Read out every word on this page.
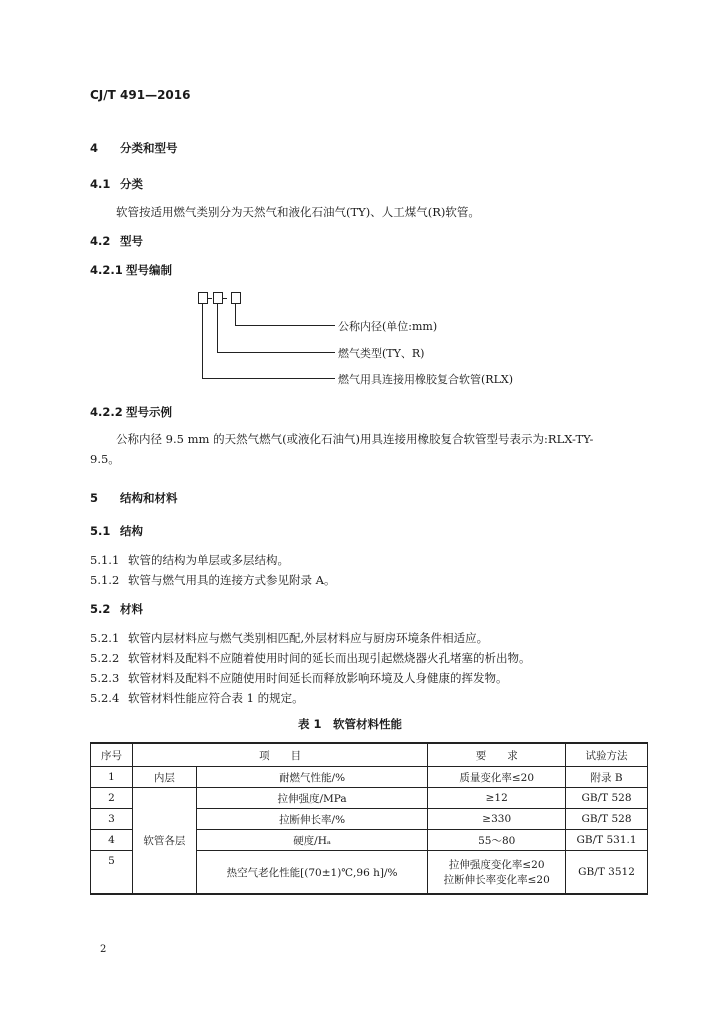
CJ/T 491—2016
4 分类和型号
4.1 分类
软管按适用燃气类别分为天然气和液化石油气(TY)、人工煤气(R)软管。
4.2 型号
4.2.1 型号编制
公称内径(单位:mm)
燃气类型(TY、R)
燃气用具连接用橡胶复合软管(RLX)
4.2.2 型号示例
公称内径 9.5 mm 的天然气燃气(或液化石油气)用具连接用橡胶复合软管型号表示为:RLX-TY-
9.5。
5 结构和材料
5.1 结构
5.1.1 软管的结构为单层或多层结构。
5.1.2 软管与燃气用具的连接方式参见附录 A。
5.2 材料
5.2.1 软管内层材料应与燃气类别相匹配,外层材料应与厨房环境条件相适应。
5.2.2 软管材料及配料不应随着使用时间的延长而出现引起燃烧器火孔堵塞的析出物。
5.2.3 软管材料及配料不应随使用时间延长而释放影响环境及人身健康的挥发物。
5.2.4 软管材料性能应符合表 1 的规定。
表 1　软管材料性能
序号	项　　目		要　　求	试验方法
1	内层	耐燃气性能/%	质量变化率≤20	附录 B
2	软管各层	拉伸强度/MPa	≥12	GB/T 528
3		拉断伸长率/%	≥330	GB/T 528
4		硬度/Hₐ	55～80	GB/T 531.1
5		热空气老化性能[(70±1)℃,96 h]/%	拉伸强度变化率≤20
拉断伸长率变化率≤20	GB/T 3512
2
